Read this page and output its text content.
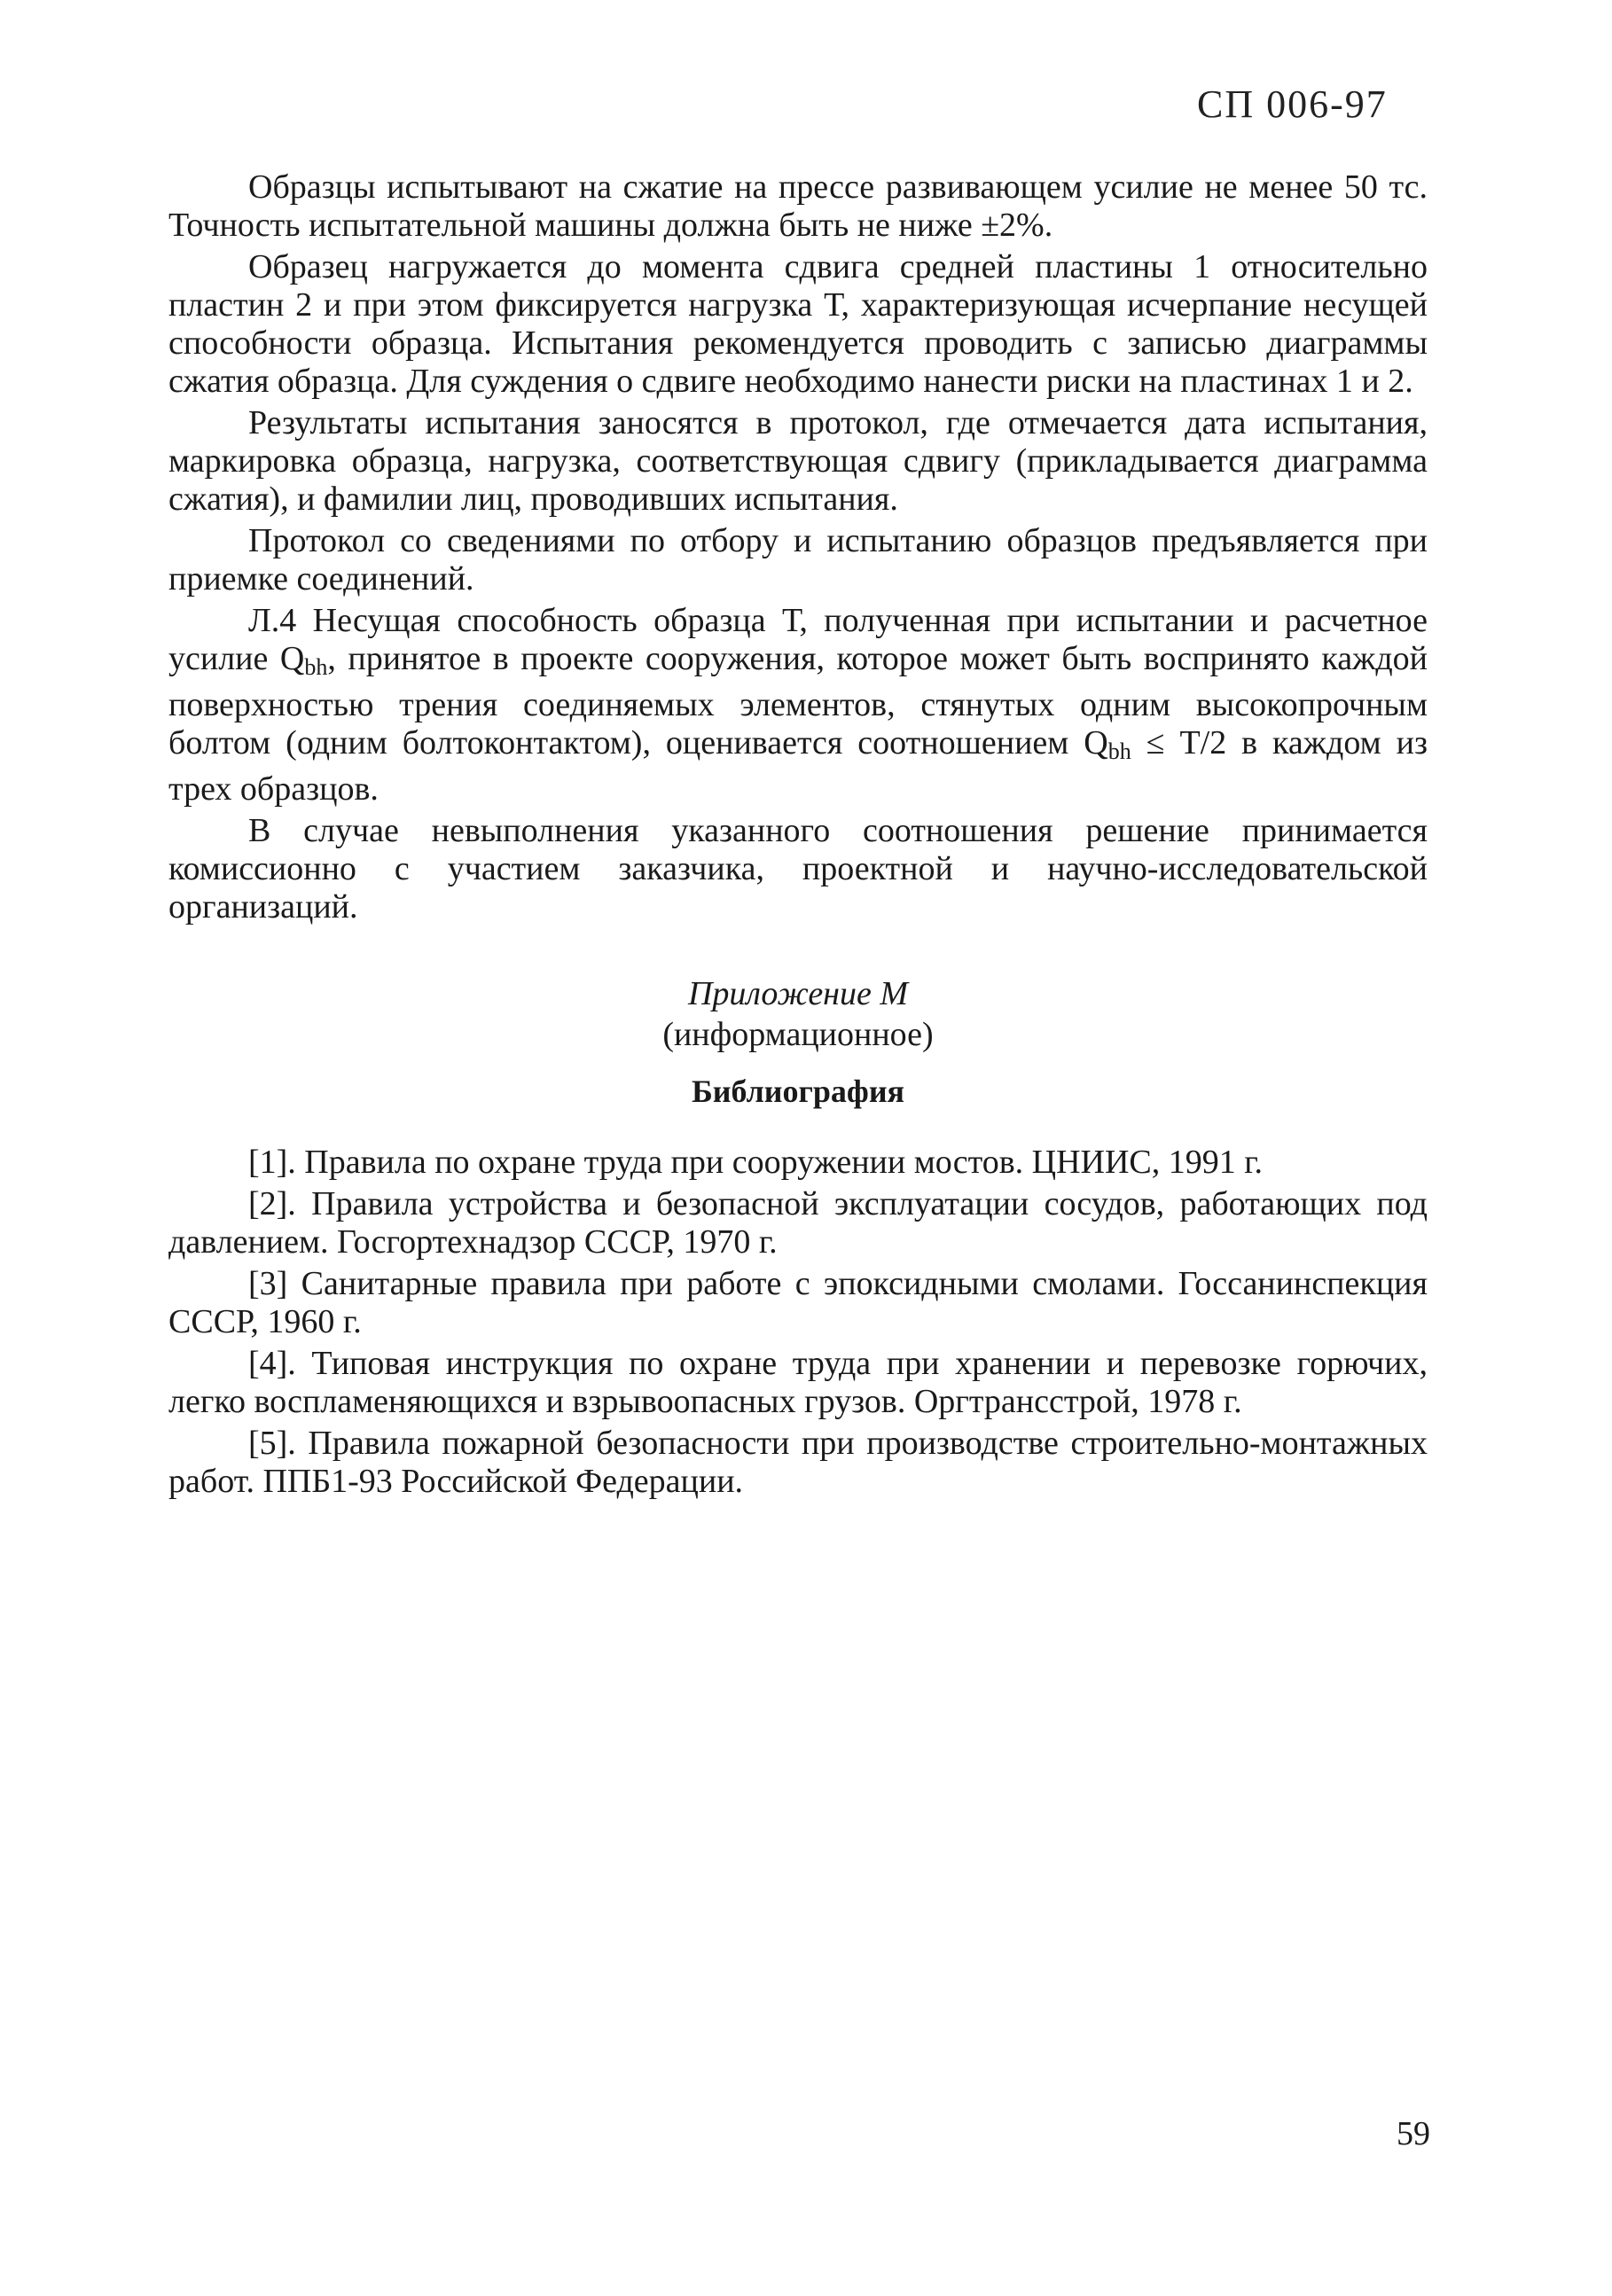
СП 006-97

Образцы испытывают на сжатие на прессе развивающем усилие не менее 50 тс. Точность испытательной машины должна быть не ниже ±2%.

Образец нагружается до момента сдвига средней пластины 1 относительно пластин 2 и при этом фиксируется нагрузка Т, характеризующая исчерпание несущей способности образца. Испытания рекомендуется проводить с записью диаграммы сжатия образца. Для суждения о сдвиге необходимо нанести риски на пластинах 1 и 2.

Результаты испытания заносятся в протокол, где отмечается дата испытания, маркировка образца, нагрузка, соответствующая сдвигу (прикладывается диаграмма сжатия), и фамилии лиц, проводивших испытания.

Протокол со сведениями по отбору и испытанию образцов предъявляется при приемке соединений.

Л.4 Несущая способность образца Т, полученная при испытании и расчетное усилие $Q_{bh}$, принятое в проекте сооружения, которое может быть воспринято каждой поверхностью трения соединяемых элементов, стянутых одним высокопрочным болтом (одним болтоконтактом), оценивается соотношением $Q_{bh} \le Т/2$ в каждом из трех образцов.

В случае невыполнения указанного соотношения решение принимается комиссионно с участием заказчика, проектной и научно-исследовательской организаций.

Приложение М
(информационное)
Библиография

[1]. Правила по охране труда при сооружении мостов. ЦНИИС, 1991 г.

[2]. Правила устройства и безопасной эксплуатации сосудов, работающих под давлением. Госгортехнадзор СССР, 1970 г.

[3] Санитарные правила при работе с эпоксидными смолами. Госсанинспекция СССР, 1960 г.

[4]. Типовая инструкция по охране труда при хранении и перевозке горючих, легко воспламеняющихся и взрывоопасных грузов. Оргтрансстрой, 1978 г.

[5]. Правила пожарной безопасности при производстве строительно-монтажных работ. ППБ1-93 Российской Федерации.

59
